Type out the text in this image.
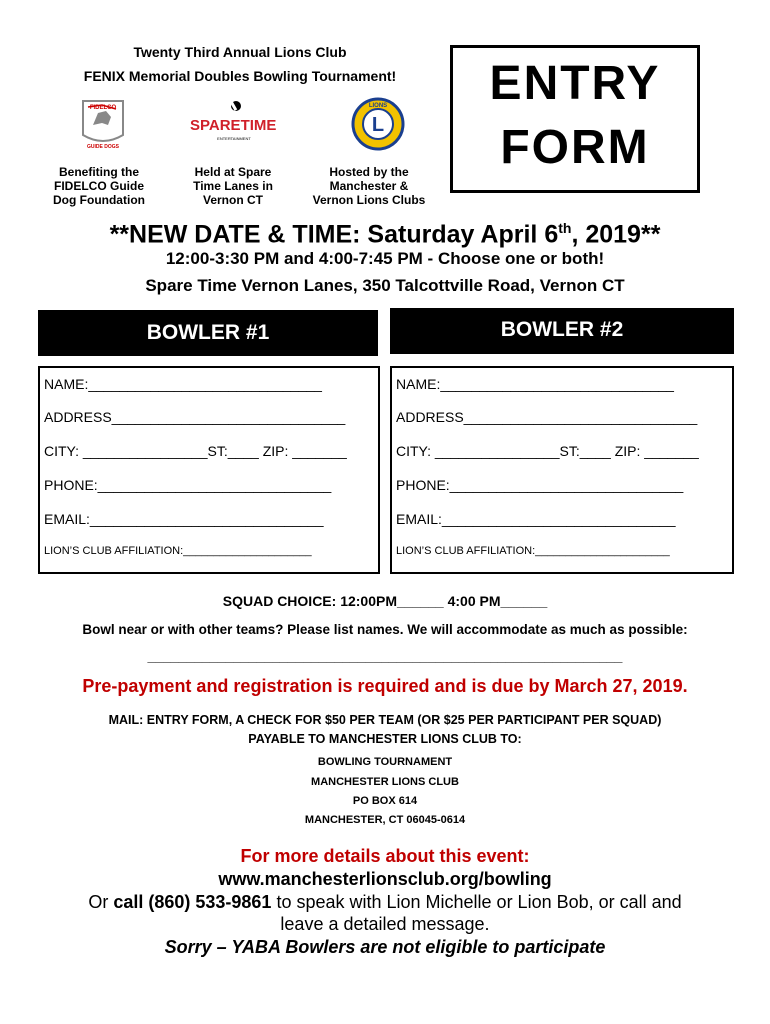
Twenty Third Annual Lions Club
FENIX Memorial Doubles Bowling Tournament!	ENTRY
FORM
FIDELCO
GUIDE DOGS
SPARETIME
ENTERTAINMENT
L
LIONS
Benefiting the
FIDELCO Guide
Dog Foundation
Held at Spare
Time Lanes in
Vernon CT
Hosted by the
Manchester &
Vernon Lions Clubs
**NEW DATE & TIME: Saturday April 6th, 2019**
12:00-3:30 PM and 4:00-7:45 PM - Choose one or both!
Spare Time Vernon Lanes, 350 Talcottville Road, Vernon CT
BOWLER #1
NAME:______________________________
ADDRESS______________________________
CITY: ________________ST:____ ZIP: _______
PHONE:______________________________
EMAIL:______________________________
LION’S CLUB AFFILIATION:_____________________
BOWLER #2
NAME:______________________________
ADDRESS______________________________
CITY: ________________ST:____ ZIP: _______
PHONE:______________________________
EMAIL:______________________________
LION’S CLUB AFFILIATION:______________________
SQUAD CHOICE: 12:00PM______ 4:00 PM______
Bowl near or with other teams? Please list names. We will accommodate as much as possible:
_____________________________________________________________
Pre-payment and registration is required and is due by March 27, 2019.
MAIL: ENTRY FORM, A CHECK FOR $50 PER TEAM (OR $25 PER PARTICIPANT PER SQUAD)
PAYABLE TO MANCHESTER LIONS CLUB TO:
BOWLING TOURNAMENT
MANCHESTER LIONS CLUB
PO BOX 614
MANCHESTER, CT 06045-0614
For more details about this event:
www.manchesterlionsclub.org/bowling
Or call (860) 533-9861 to speak with Lion Michelle or Lion Bob, or call and
leave a detailed message.
Sorry – YABA Bowlers are not eligible to participate
